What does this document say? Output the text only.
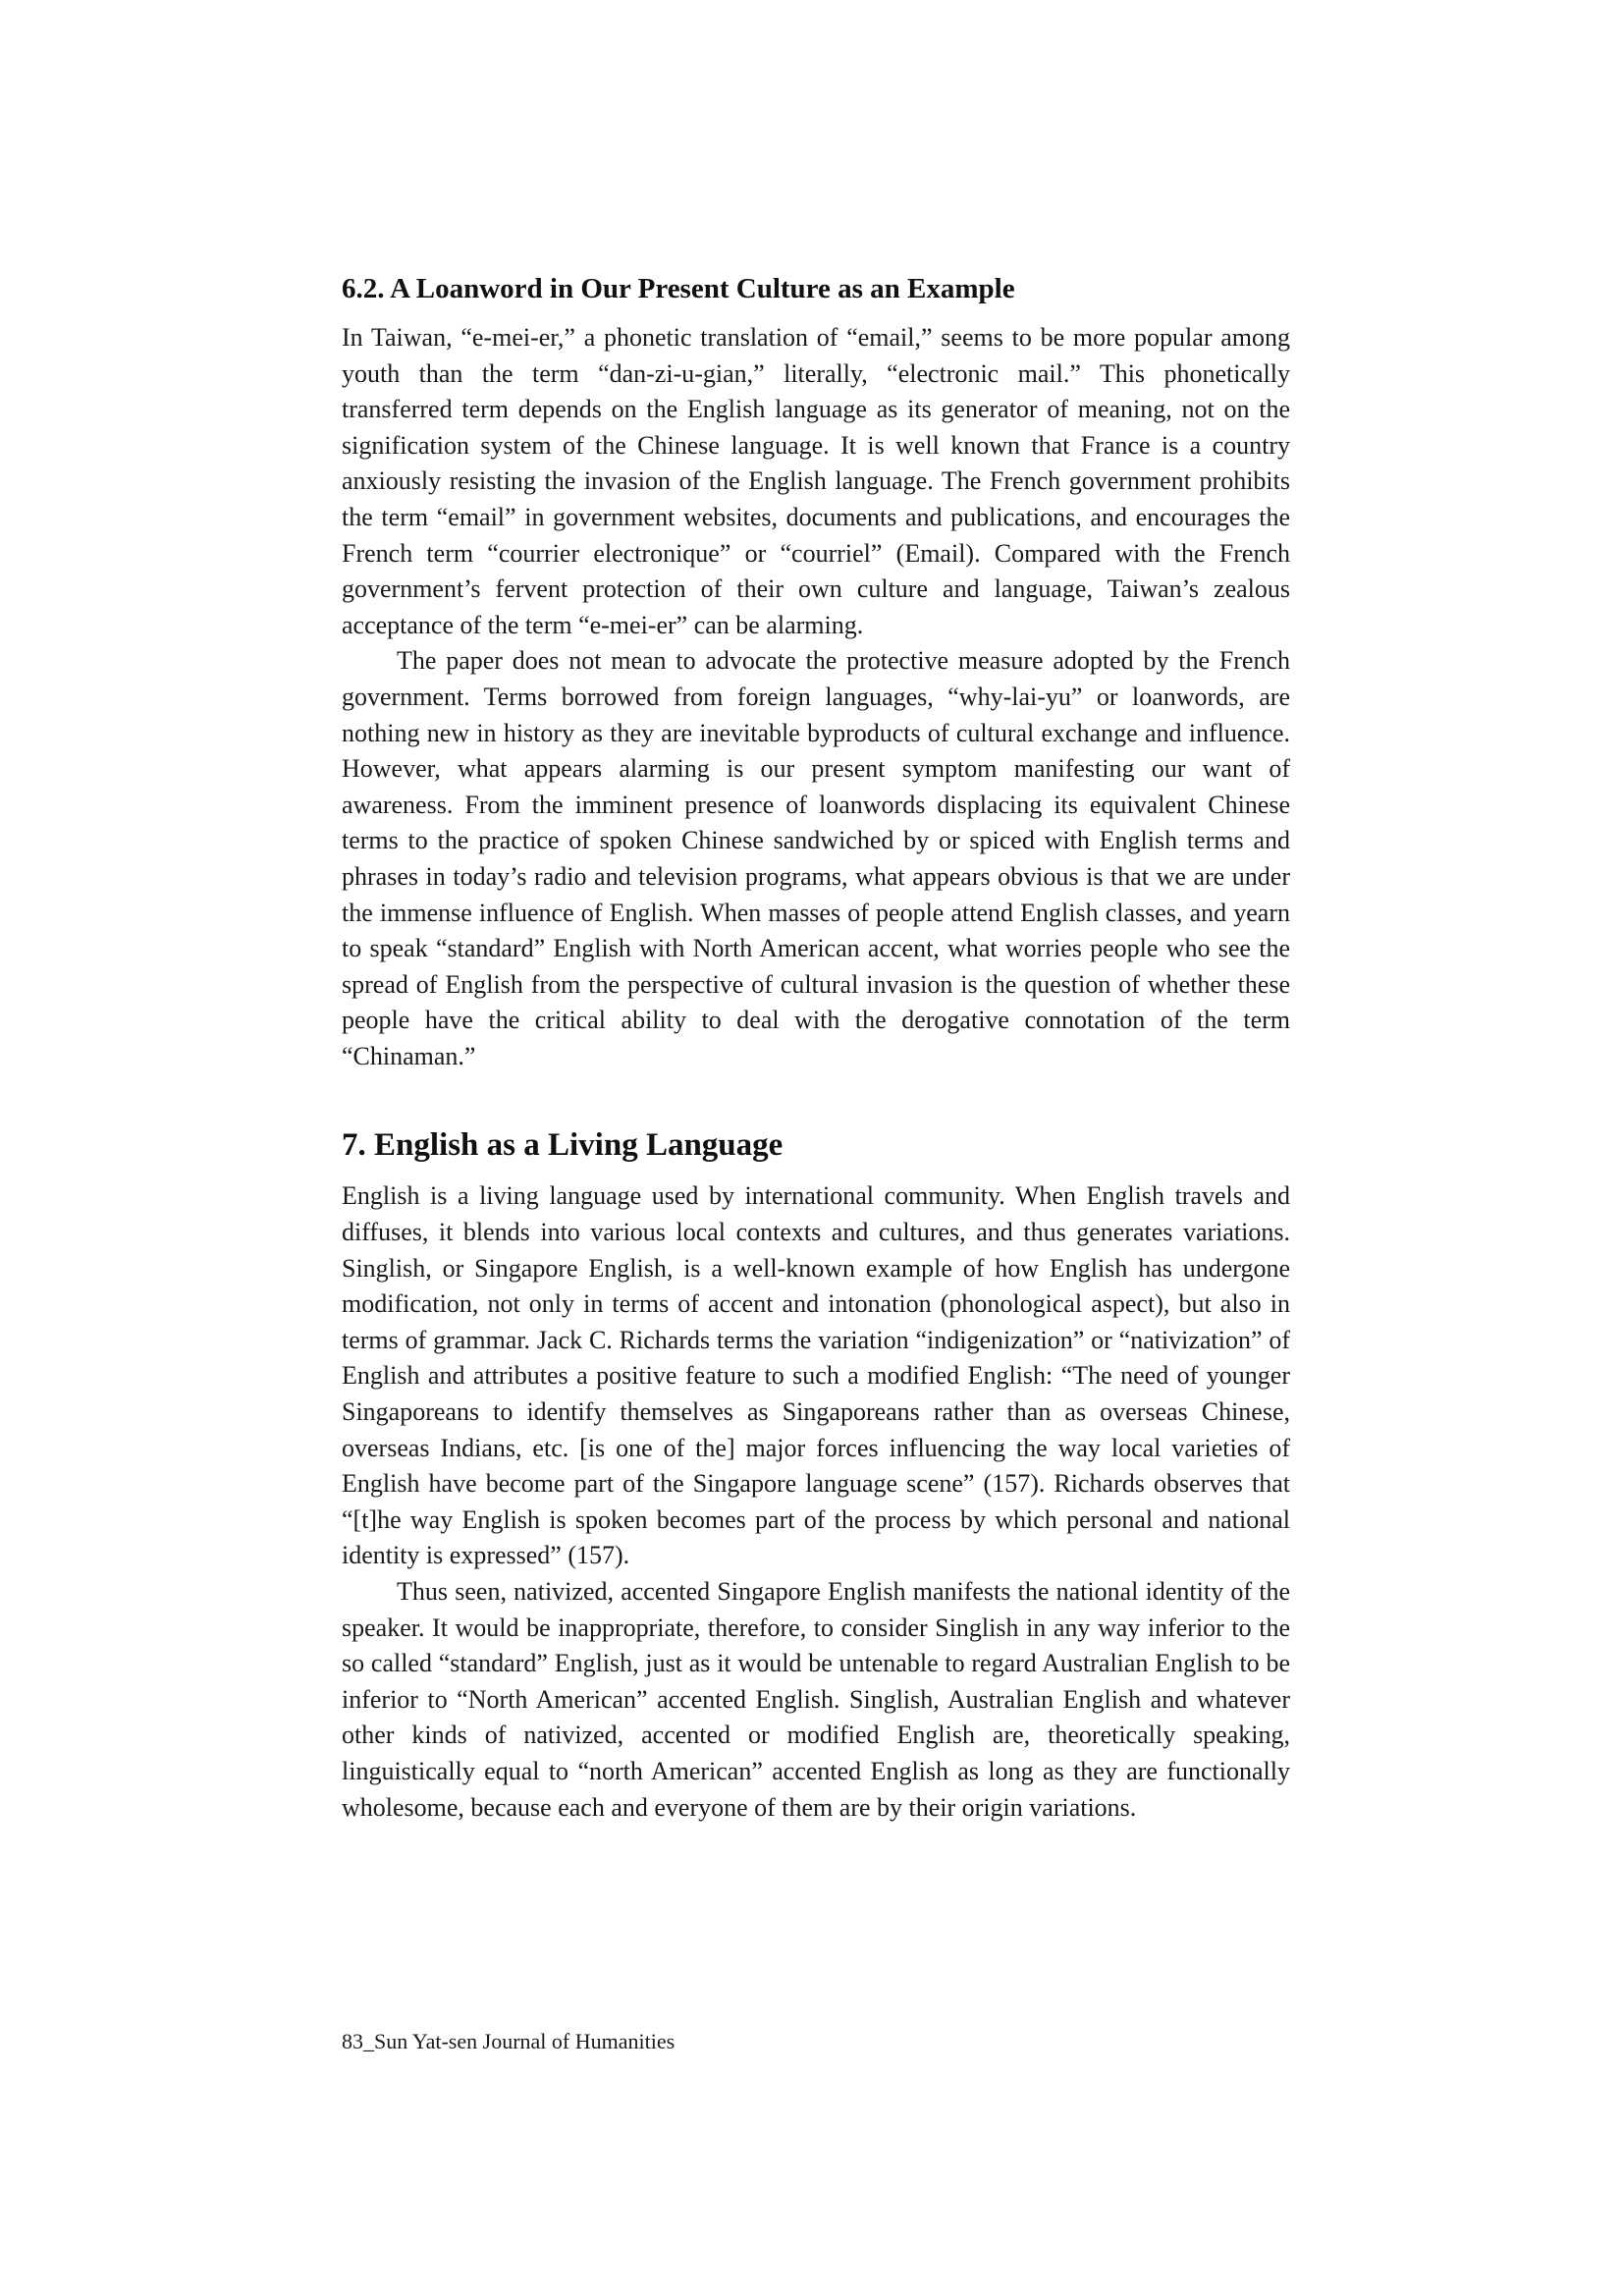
6.2. A Loanword in Our Present Culture as an Example

In Taiwan, “e-mei-er,” a phonetic translation of “email,” seems to be more popular among youth than the term “dan-zi-u-gian,” literally, “electronic mail.” This phonetically transferred term depends on the English language as its generator of meaning, not on the signification system of the Chinese language. It is well known that France is a country anxiously resisting the invasion of the English language. The French government prohibits the term “email” in government websites, documents and publications, and encourages the French term “courrier electronique” or “courriel” (Email). Compared with the French government’s fervent protection of their own culture and language, Taiwan’s zealous acceptance of the term “e-mei-er” can be alarming.

The paper does not mean to advocate the protective measure adopted by the French government. Terms borrowed from foreign languages, “why-lai-yu” or loanwords, are nothing new in history as they are inevitable byproducts of cultural exchange and influence. However, what appears alarming is our present symptom manifesting our want of awareness. From the imminent presence of loanwords displacing its equivalent Chinese terms to the practice of spoken Chinese sandwiched by or spiced with English terms and phrases in today’s radio and television programs, what appears obvious is that we are under the immense influence of English. When masses of people attend English classes, and yearn to speak “standard” English with North American accent, what worries people who see the spread of English from the perspective of cultural invasion is the question of whether these people have the critical ability to deal with the derogative connotation of the term “Chinaman.”

7. English as a Living Language

English is a living language used by international community. When English travels and diffuses, it blends into various local contexts and cultures, and thus generates variations. Singlish, or Singapore English, is a well-known example of how English has undergone modification, not only in terms of accent and intonation (phonological aspect), but also in terms of grammar. Jack C. Richards terms the variation “indigenization” or “nativization” of English and attributes a positive feature to such a modified English: “The need of younger Singaporeans to identify themselves as Singaporeans rather than as overseas Chinese, overseas Indians, etc. [is one of the] major forces influencing the way local varieties of English have become part of the Singapore language scene” (157). Richards observes that “[t]he way English is spoken becomes part of the process by which personal and national identity is expressed” (157).

Thus seen, nativized, accented Singapore English manifests the national identity of the speaker. It would be inappropriate, therefore, to consider Singlish in any way inferior to the so called “standard” English, just as it would be untenable to regard Australian English to be inferior to “North American” accented English. Singlish, Australian English and whatever other kinds of nativized, accented or modified English are, theoretically speaking, linguistically equal to “north American” accented English as long as they are functionally wholesome, because each and everyone of them are by their origin variations.

83_Sun Yat-sen Journal of Humanities
